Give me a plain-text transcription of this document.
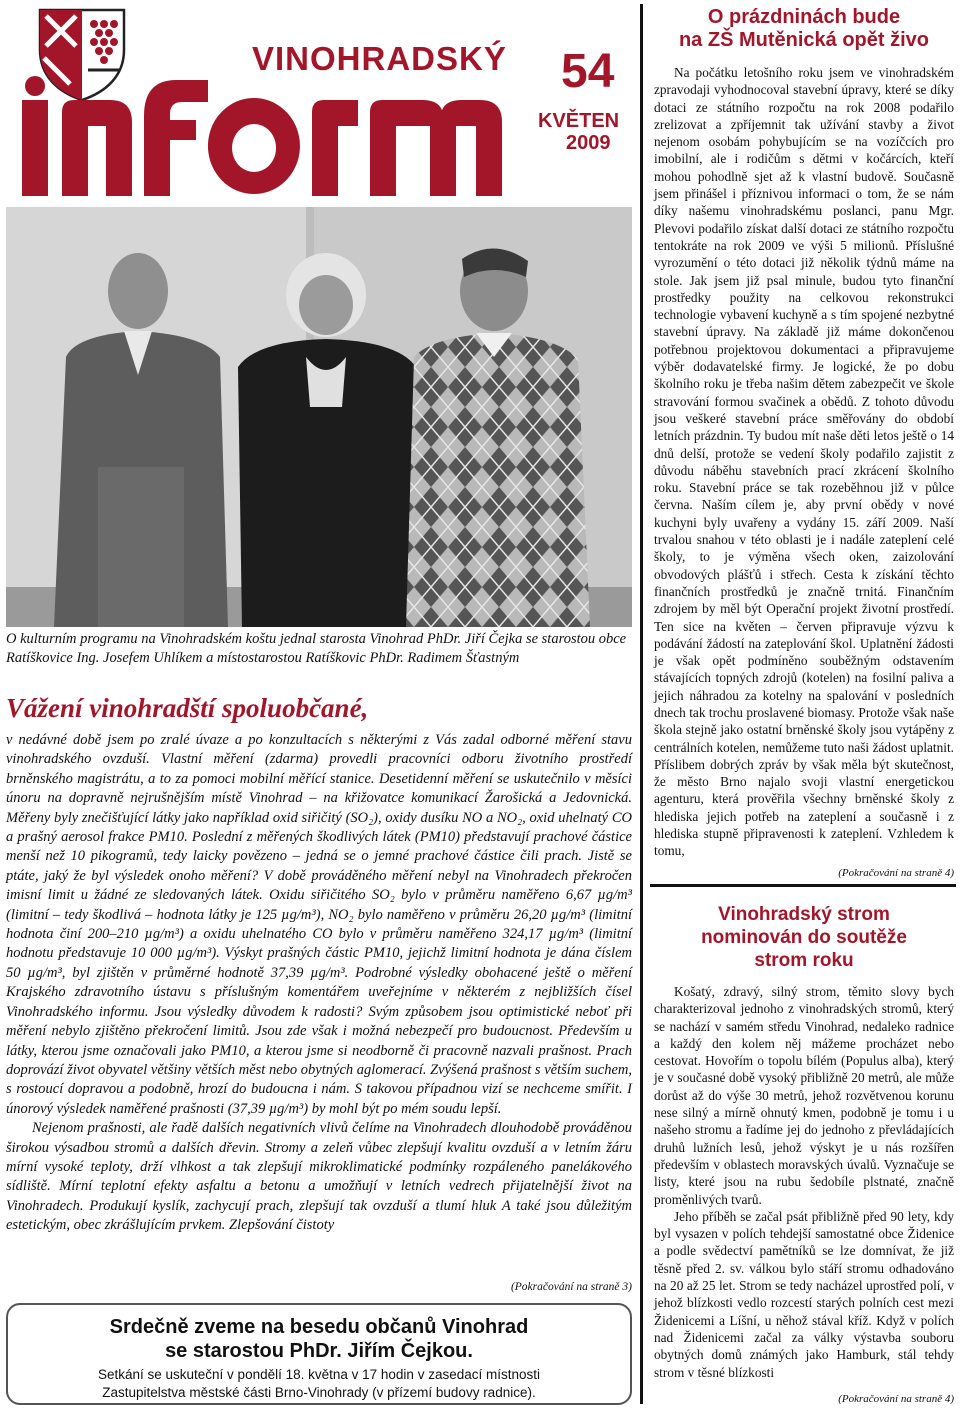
VINOHRADSKÝ
inform	54
KVĚTEN
2009
O kulturním programu na Vinohradském koštu jednal starosta Vinohrad PhDr. Jiří Čejka se starostou obce Ratíškovice Ing. Josefem Uhlíkem a místostarostou Ratíškovic PhDr. Radimem Šťastným
Vážení vinohradští spoluobčané,

v nedávné době jsem po zralé úvaze a po konzultacích s některými z Vás zadal odborné měření stavu vinohradského ovzduší. Vlastní měření (zdarma) provedli pracovníci odboru životního prostředí brněnského magistrátu, a to za pomoci mobilní měřící stanice. Desetidenní měření se uskutečnilo v měsíci únoru na dopravně nejrušnějším místě Vinohrad – na křižovatce komunikací Žarošická a Jedovnická. Měřeny byly znečišťující látky jako například oxid siřičitý (SO₂), oxidy dusíku NO a NO₂, oxid uhelnatý CO a prašný aerosol frakce PM10. Poslední z měřených škodlivých látek (PM10) představují prachové částice menší než 10 pikogramů, tedy laicky povězeno – jedná se o jemné prachové částice čili prach. Jistě se ptáte, jaký že byl výsledek onoho měření? V době prováděného měření nebyl na Vinohradech překročen imisní limit u žádné ze sledovaných látek. Oxidu siřičitého SO₂ bylo v průměru naměřeno 6,67 µg/m³ (limitní – tedy škodlivá – hodnota látky je 125 µg/m³), NO₂ bylo naměřeno v průměru 26,20 µg/m³ (limitní hodnota činí 200–210 µg/m³) a oxidu uhelnatého CO bylo v průměru naměřeno 324,17 µg/m³ (limitní hodnotu představuje 10 000 µg/m³). Výskyt prašných částic PM10, jejichž limitní hodnota je dána číslem 50 µg/m³, byl zjištěn v průměrné hodnotě 37,39 µg/m³. Podrobné výsledky obohacené ještě o měření Krajského zdravotního ústavu s příslušným komentářem uveřejníme v některém z nejbližších čísel Vinohradského informu. Jsou výsledky důvodem k radosti? Svým způsobem jsou optimistické neboť při měření nebylo zjištěno překročení limitů. Jsou zde však i možná nebezpečí pro budoucnost. Především u látky, kterou jsme označovali jako PM10, a kterou jsme si neodborně či pracovně nazvali prašnost. Prach doprovází život obyvatel většiny větších měst nebo obytných aglomerací. Zvýšená prašnost s větším suchem, s rostoucí dopravou a podobně, hrozí do budoucna i nám. S takovou případnou vizí se nechceme smířit. I únorový výsledek naměřené prašnosti (37,39 µg/m³) by mohl být po mém soudu lepší.

Nejenom prašnosti, ale řadě dalších negativních vlivů čelíme na Vinohradech dlouhodobě prováděnou širokou výsadbou stromů a dalších dřevin. Stromy a zeleň vůbec zlepšují kvalitu ovzduší a v letním žáru mírní vysoké teploty, drží vlhkost a tak zlepšují mikroklimatické podmínky rozpáleného panelákového sídliště. Mírní teplotní efekty asfaltu a betonu a umožňují v letních vedrech přijatelnější život na Vinohradech. Produkují kyslík, zachycují prach, zlepšují tak ovzduší a tlumí hluk A také jsou důležitým estetickým, obec zkrášlujícím prvkem. Zlepšování čistoty

(Pokračování na straně 3)
Srdečně zveme na besedu občanů Vinohrad
se starostou PhDr. Jiřím Čejkou.
Setkání se uskuteční v pondělí 18. května v 17 hodin v zasedací místnosti
Zastupitelstva městské části Brno-Vinohrady (v přízemí budovy radnice).
O prázdninách bude
na ZŠ Mutěnická opět živo

Na počátku letošního roku jsem ve vinohradském zpravodaji vyhodnocoval stavební úpravy, které se díky dotaci ze státního rozpočtu na rok 2008 podařilo zrelizovat a zpříjemnit tak užívání stavby a život nejenom osobám pohybujícím se na vozíčcích pro imobilní, ale i rodičům s dětmi v kočárcích, kteří mohou pohodlně sjet až k vlastní budově. Současně jsem přinášel i příznivou informaci o tom, že se nám díky našemu vinohradskému poslanci, panu Mgr. Plevovi podařilo získat další dotaci ze státního rozpočtu tentokráte na rok 2009 ve výši 5 milionů. Příslušné vyrozumění o této dotaci již několik týdnů máme na stole. Jak jsem již psal minule, budou tyto finanční prostředky použity na celkovou rekonstrukci technologie vybavení kuchyně a s tím spojené nezbytné stavební úpravy. Na základě již máme dokončenou potřebnou projektovou dokumentaci a připravujeme výběr dodavatelské firmy. Je logické, že po dobu školního roku je třeba našim dětem zabezpečit ve škole stravování formou svačinek a obědů. Z tohoto důvodu jsou veškeré stavební práce směřovány do období letních prázdnin. Ty budou mít naše děti letos ještě o 14 dnů delší, protože se vedení školy podařilo zajistit z důvodu náběhu stavebních prací zkrácení školního roku. Stavební práce se tak rozeběhnou již v půlce června. Naším cílem je, aby první obědy v nové kuchyni byly uvařeny a vydány 15. září 2009. Naší trvalou snahou v této oblasti je i nadále zateplení celé školy, to je výměna všech oken, zaizolování obvodových plášťů i střech. Cesta k získání těchto finančních prostředků je značně trnitá. Finančním zdrojem by měl být Operační projekt životní prostředí. Ten sice na květen – červen připravuje výzvu k podávání žádostí na zateplování škol. Uplatnění žádosti je však opět podmíněno souběžným odstavením stávajících topných zdrojů (kotelen) na fosilní paliva a jejich náhradou za kotelny na spalování v posledních dnech tak trochu proslavené biomasy. Protože však naše škola stejně jako ostatní brněnské školy jsou vytápěny z centrálních kotelen, nemůžeme tuto naši žádost uplatnit. Příslibem dobrých zpráv by však měla být skutečnost, že město Brno najalo svoji vlastní energetickou agenturu, která prověřila všechny brněnské školy z hlediska jejich potřeb na zateplení a současně i z hlediska stupně připravenosti k zateplení. Vzhledem k tomu,

(Pokračování na straně 4)
Vinohradský strom
nominován do soutěže
strom roku

Košatý, zdravý, silný strom, těmito slovy bych charakterizoval jednoho z vinohradských stromů, který se nachází v samém středu Vinohrad, nedaleko radnice a každý den kolem něj mážeme procházet nebo cestovat. Hovořím o topolu bílém (Populus alba), který je v současné době vysoký přibližně 20 metrů, ale může dorůst až do výše 30 metrů, jehož rozvětvenou korunu nese silný a mírně ohnutý kmen, podobně je tomu i u našeho stromu a řadíme jej do jednoho z převládajících druhů lužních lesů, jehož výskyt je u nás rozšířen především v oblastech moravských úvalů. Vyznačuje se listy, které jsou na rubu šedobíle plstnaté, značně proměnlivých tvarů.

Jeho příběh se začal psát přibližně před 90 lety, kdy byl vysazen v polích tehdejší samostatné obce Židenice a podle svědectví pamětníků se lze domnívat, že již těsně před 2. sv. válkou bylo stáří stromu odhadováno na 20 až 25 let. Strom se tedy nacházel uprostřed polí, v jehož blízkosti vedlo rozcestí starých polních cest mezi Židenicemi a Líšní, u něhož stával kříž. Když v polích nad Židenicemi začal za války výstavba souboru obytných domů známých jako Hamburk, stál tehdy strom v těsné blízkosti

(Pokračování na straně 4)
